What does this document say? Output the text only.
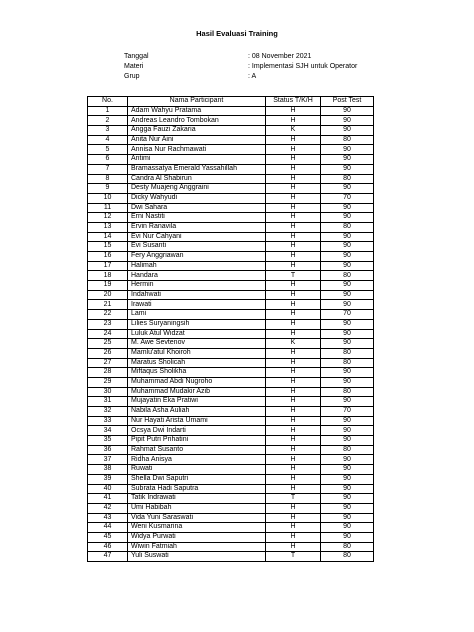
Hasil Evaluasi Training
Tanggal	: 08 November 2021
Materi	: Implementasi SJH untuk Operator
Grup	: A
No.	Nama Participant	Status T/K/H	Post Test
1	Adam Wahyu Pratama	H	90
2	Andreas Leandro Tombokan	H	90
3	Angga Fauzi Zakaria	K	90
4	Anita Nur Aini	H	80
5	Annisa Nur Rachmawati	H	90
6	Antimi	H	90
7	Bramassatya Emerald Yassahillah	H	90
8	Candra Al Shabirun	H	80
9	Desty Muajeng Anggraini	H	90
10	Dicky Wahyudi	H	70
11	Dwi Sahara	H	90
12	Erni Nastiti	H	90
13	Ervin Ranavila	H	80
14	Evi Nur Cahyani	H	90
15	Evi Susanti	H	90
16	Fery Anggriawan	H	90
17	Halimah	H	90
18	Handara	T	80
19	Hermin	H	90
20	Indahwati	H	90
21	Irawati	H	90
22	Lami	H	70
23	Lilies Suryaningsih	H	90
24	Luluk Atul Widzat	H	90
25	M. Awe Sevtenov	K	90
26	Mamlu'atul Khoiroh	H	80
27	Maratus Sholicah	H	80
28	Miftaqus Sholikha	H	90
29	Muhammad Abdi Nugroho	H	90
30	Muhammad Mudakir Azib	H	80
31	Mujayatin Eka Pratiwi	H	90
32	Nabila Asha Auliah	H	70
33	Nur Hayati Arista Umami	H	90
34	Ocsya Dwi Indarti	H	90
35	Pipit Putri Prihatini	H	90
36	Rahmat Susanto	H	80
37	Ridha Anisya	H	90
38	Ruwati	H	90
39	Shella Dwi Saputri	H	90
40	Subrata Hadi Saputra	H	90
41	Tatik Indrawati	T	90
42	Umi Habibah	H	90
43	Vida Yuni Saraswati	H	90
44	Weni Kusmarina	H	90
45	Widya Purwati	H	90
46	Wiwin Fatmiah	H	80
47	Yuli Suswati	T	80
